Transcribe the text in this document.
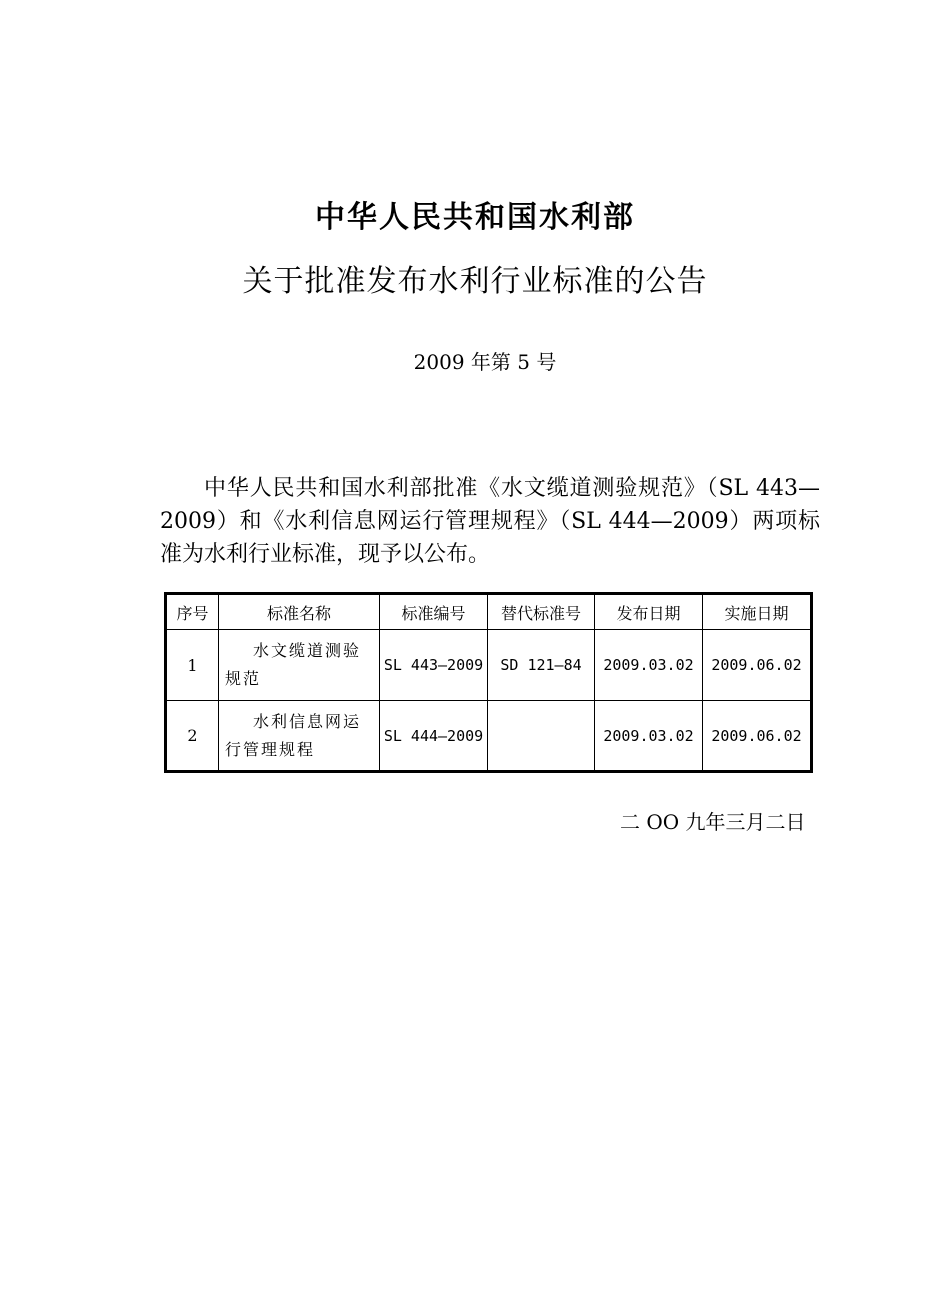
中华人民共和国水利部
关于批准发布水利行业标准的公告
2009 年第 5 号

中华人民共和国水利部批准《水文缆道测验规范》（SL 443—2009）和《水利信息网运行管理规程》（SL 444—2009）两项标准为水利行业标准，现予以公布。

序号	标准名称	标准编号	替代标准号	发布日期	实施日期
1	水文缆道测验规范	SL 443—2009	SD 121—84	2009.03.02	2009.06.02
2	水利信息网运行管理规程	SL 444—2009		2009.03.02	2009.06.02
二 OO 九年三月二日
